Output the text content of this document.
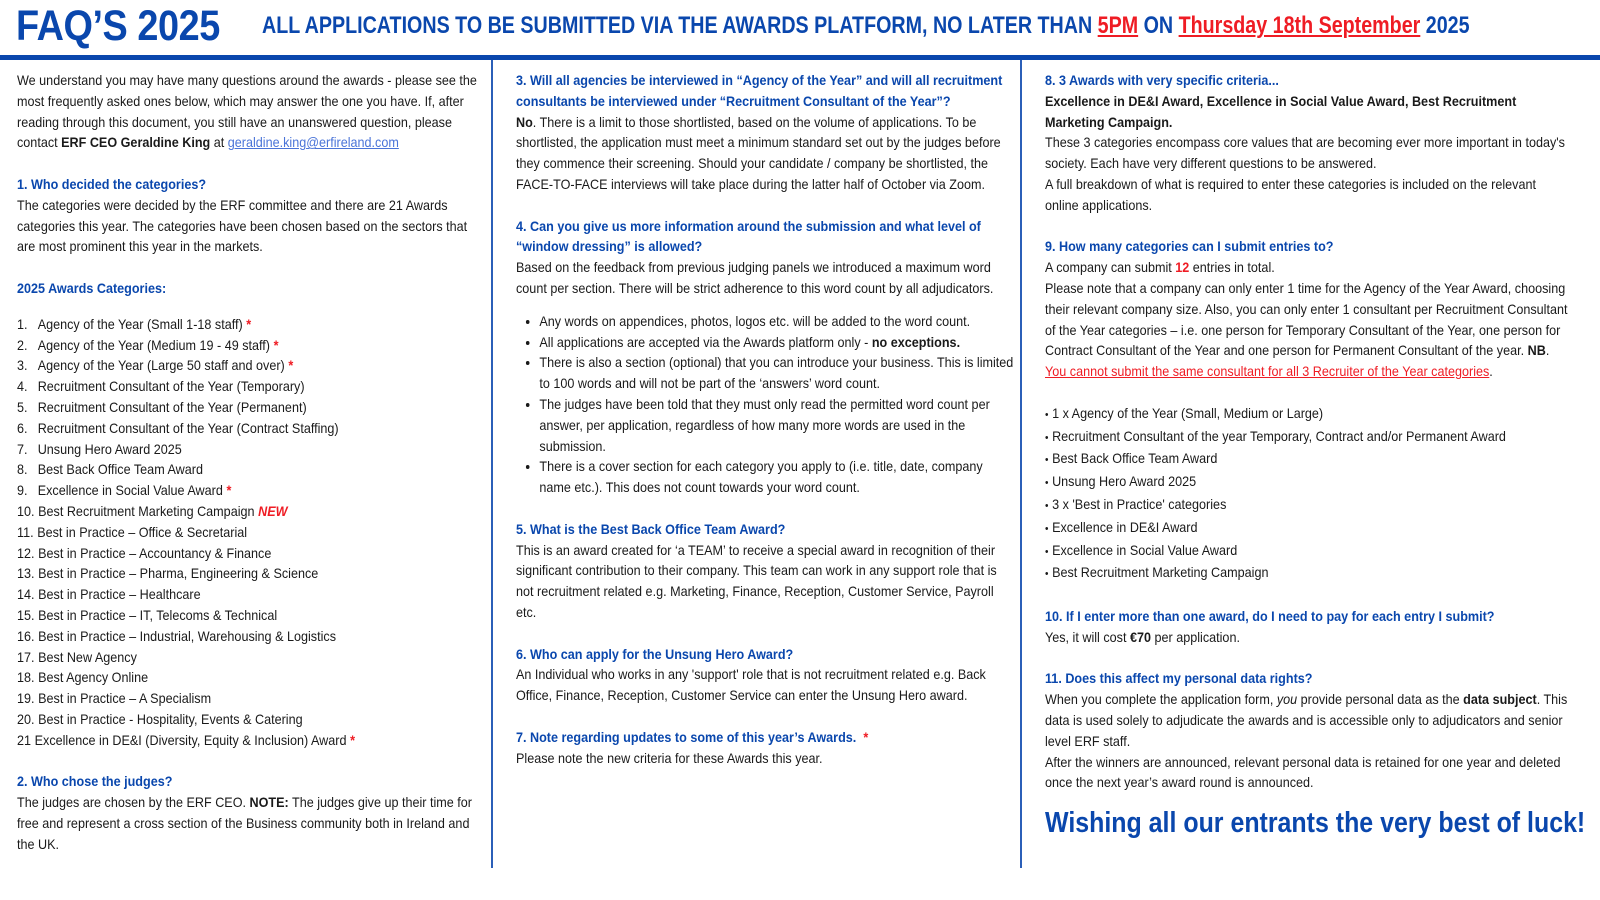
FAQ’S 2025 ALL APPLICATIONS TO BE SUBMITTED VIA THE AWARDS PLATFORM, NO LATER THAN 5PM ON Thursday 18th September 2025

We understand you may have many questions around the awards - please see the most frequently asked ones below, which may answer the one you have. If, after reading through this document, you still have an unanswered question, please contact ERF CEO Geraldine King at geraldine.king@erfireland.com

1. Who decided the categories?

The categories were decided by the ERF committee and there are 21 Awards categories this year. The categories have been chosen based on the sectors that are most prominent this year in the markets.

2025 Awards Categories:

1. Agency of the Year (Small 1-18 staff) *
2. Agency of the Year (Medium 19 - 49 staff) *
3. Agency of the Year (Large 50 staff and over) *
4. Recruitment Consultant of the Year (Temporary)
5. Recruitment Consultant of the Year (Permanent)
6. Recruitment Consultant of the Year (Contract Staffing)
7. Unsung Hero Award 2025
8. Best Back Office Team Award
9. Excellence in Social Value Award *
10. Best Recruitment Marketing Campaign NEW
11. Best in Practice – Office & Secretarial
12. Best in Practice – Accountancy & Finance
13. Best in Practice – Pharma, Engineering & Science
14. Best in Practice – Healthcare
15. Best in Practice – IT, Telecoms & Technical
16. Best in Practice – Industrial, Warehousing & Logistics
17. Best New Agency
18. Best Agency Online
19. Best in Practice – A Specialism
20. Best in Practice - Hospitality, Events & Catering
21 Excellence in DE&I (Diversity, Equity & Inclusion) Award *

2. Who chose the judges?

The judges are chosen by the ERF CEO. NOTE: The judges give up their time for free and represent a cross section of the Business community both in Ireland and the UK.

3. Will all agencies be interviewed in “Agency of the Year” and will all recruitment consultants be interviewed under “Recruitment Consultant of the Year”?

No. There is a limit to those shortlisted, based on the volume of applications. To be shortlisted, the application must meet a minimum standard set out by the judges before they commence their screening. Should your candidate / company be shortlisted, the FACE-TO-FACE interviews will take place during the latter half of October via Zoom.

4. Can you give us more information around the submission and what level of “window dressing” is allowed?

Based on the feedback from previous judging panels we introduced a maximum word count per section. There will be strict adherence to this word count by all adjudicators.

• Any words on appendices, photos, logos etc. will be added to the word count.
• All applications are accepted via the Awards platform only - no exceptions.
• There is also a section (optional) that you can introduce your business. This is limited to 100 words and will not be part of the ‘answers’ word count.
• The judges have been told that they must only read the permitted word count per answer, per application, regardless of how many more words are used in the submission.
• There is a cover section for each category you apply to (i.e. title, date, company name etc.). This does not count towards your word count.

5. What is the Best Back Office Team Award?

This is an award created for ‘a TEAM’ to receive a special award in recognition of their significant contribution to their company. This team can work in any support role that is not recruitment related e.g. Marketing, Finance, Reception, Customer Service, Payroll etc.

6. Who can apply for the Unsung Hero Award?

An Individual who works in any 'support' role that is not recruitment related e.g. Back Office, Finance, Reception, Customer Service can enter the Unsung Hero award.

7. Note regarding updates to some of this year’s Awards. *

Please note the new criteria for these Awards this year.

8. 3 Awards with very specific criteria...

Excellence in DE&I Award, Excellence in Social Value Award, Best Recruitment Marketing Campaign.

These 3 categories encompass core values that are becoming ever more important in today's society. Each have very different questions to be answered.

A full breakdown of what is required to enter these categories is included on the relevant online applications.

9. How many categories can I submit entries to?

A company can submit 12 entries in total.

Please note that a company can only enter 1 time for the Agency of the Year Award, choosing their relevant company size. Also, you can only enter 1 consultant per Recruitment Consultant of the Year categories – i.e. one person for Temporary Consultant of the Year, one person for Contract Consultant of the Year and one person for Permanent Consultant of the year. NB. You cannot submit the same consultant for all 3 Recruiter of the Year categories.

• 1 x Agency of the Year (Small, Medium or Large)
• Recruitment Consultant of the year Temporary, Contract and/or Permanent Award
• Best Back Office Team Award
• Unsung Hero Award 2025
• 3 x 'Best in Practice' categories
• Excellence in DE&I Award
• Excellence in Social Value Award
• Best Recruitment Marketing Campaign

10. If I enter more than one award, do I need to pay for each entry I submit?

Yes, it will cost €70 per application.

11. Does this affect my personal data rights?

When you complete the application form, you provide personal data as the data subject. This data is used solely to adjudicate the awards and is accessible only to adjudicators and senior level ERF staff.

After the winners are announced, relevant personal data is retained for one year and deleted once the next year’s award round is announced.

Wishing all our entrants the very best of luck!
